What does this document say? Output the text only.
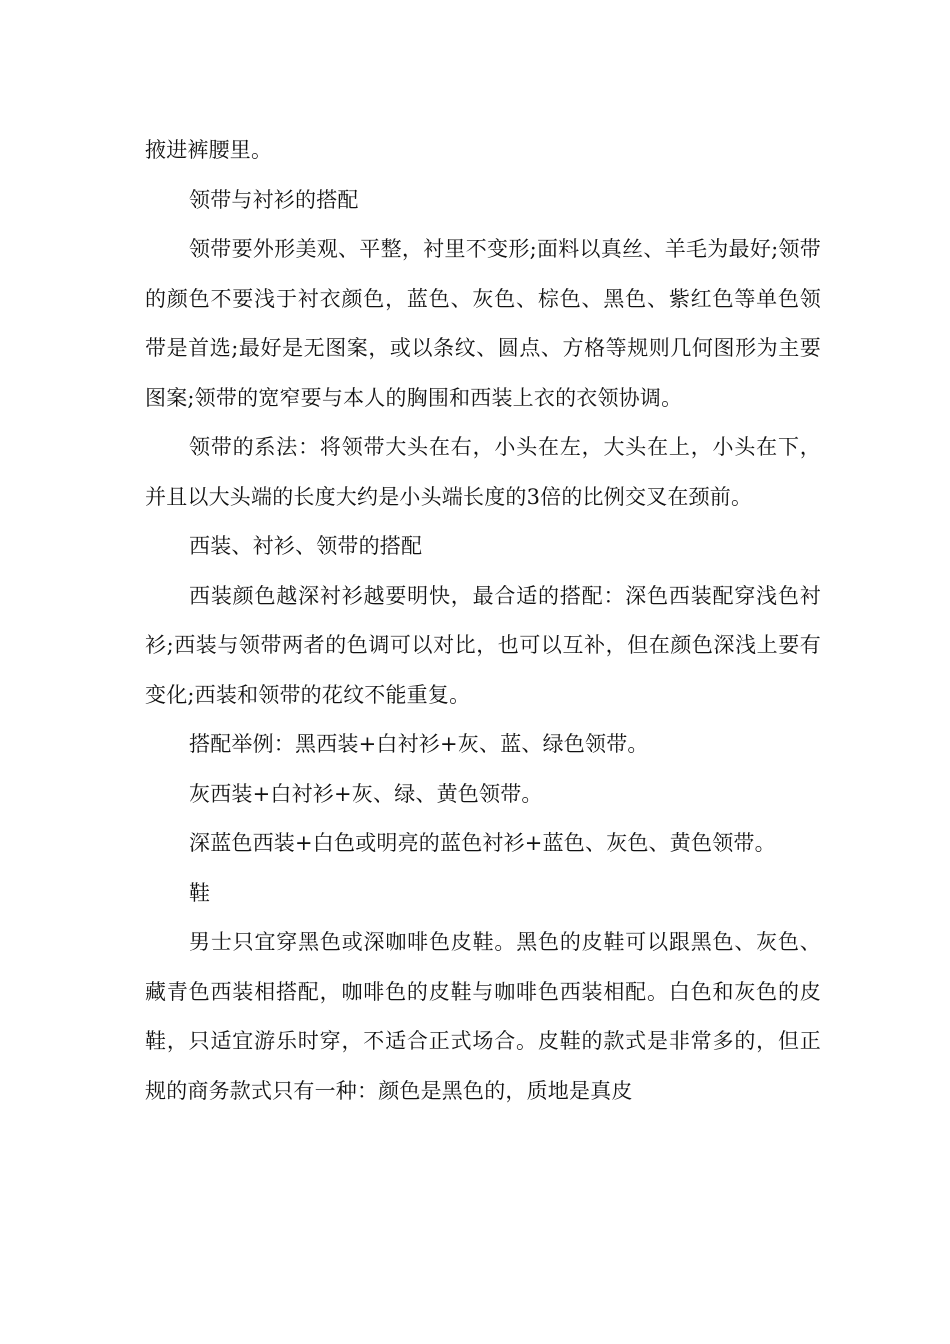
掖进裤腰里。

领带与衬衫的搭配

领带要外形美观、平整，衬里不变形;面料以真丝、羊毛为最好;领带的颜色不要浅于衬衣颜色，蓝色、灰色、棕色、黑色、紫红色等单色领带是首选;最好是无图案，或以条纹、圆点、方格等规则几何图形为主要图案;领带的宽窄要与本人的胸围和西装上衣的衣领协调。

领带的系法：将领带大头在右，小头在左，大头在上，小头在下，并且以大头端的长度大约是小头端长度的3倍的比例交叉在颈前。

西装、衬衫、领带的搭配

西装颜色越深衬衫越要明快，最合适的搭配：深色西装配穿浅色衬衫;西装与领带两者的色调可以对比，也可以互补，但在颜色深浅上要有变化;西装和领带的花纹不能重复。

搭配举例：黑西装+白衬衫+灰、蓝、绿色领带。

灰西装+白衬衫+灰、绿、黄色领带。

深蓝色西装+白色或明亮的蓝色衬衫+蓝色、灰色、黄色领带。

鞋

男士只宜穿黑色或深咖啡色皮鞋。黑色的皮鞋可以跟黑色、灰色、藏青色西装相搭配，咖啡色的皮鞋与咖啡色西装相配。白色和灰色的皮鞋，只适宜游乐时穿，不适合正式场合。皮鞋的款式是非常多的，但正规的商务款式只有一种：颜色是黑色的，质地是真皮
